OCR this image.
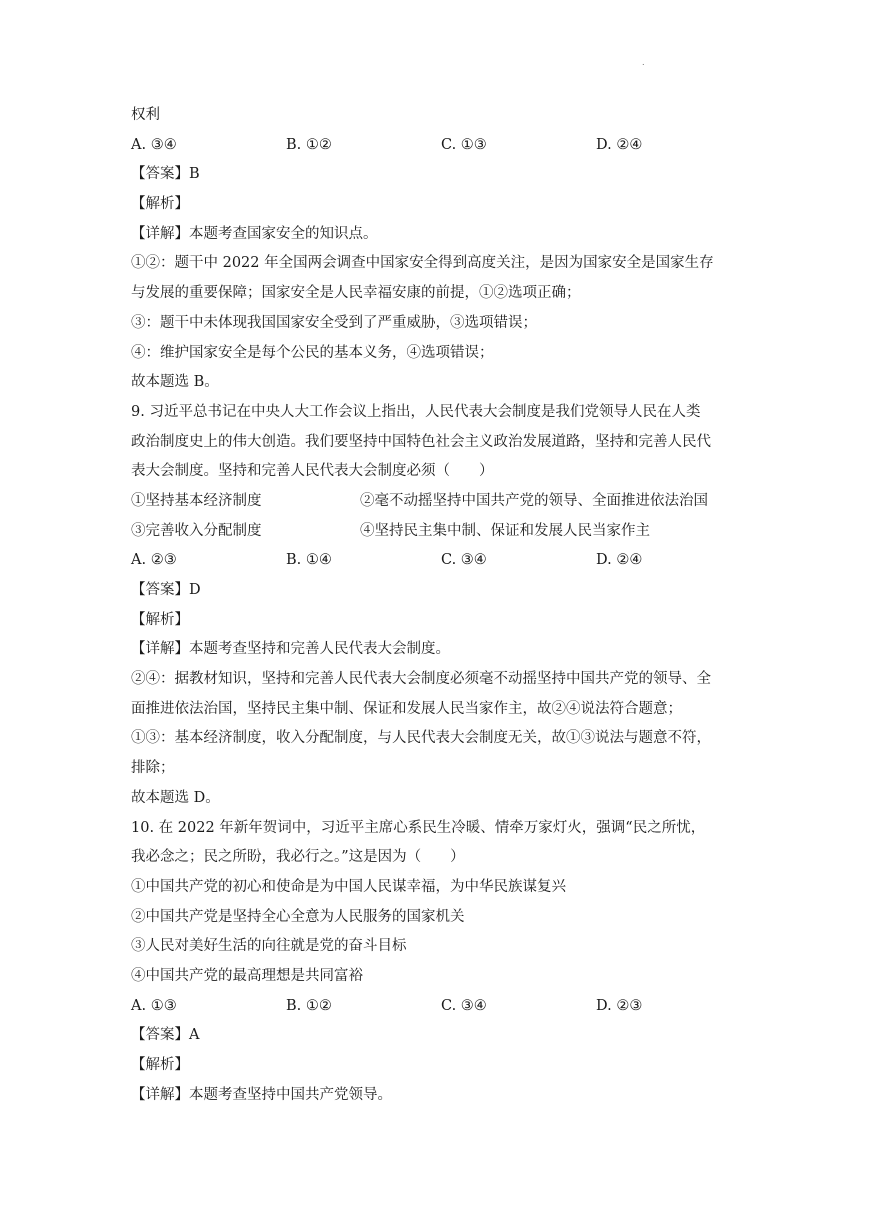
.
权利
A. ③④	B. ①②	C. ①③	D. ②④
【答案】B
【解析】
【详解】本题考查国家安全的知识点。
①②：题干中 2022 年全国两会调查中国家安全得到高度关注，是因为国家安全是国家生存
与发展的重要保障；国家安全是人民幸福安康的前提，①②选项正确；
③：题干中未体现我国国家安全受到了严重威胁，③选项错误；
④：维护国家安全是每个公民的基本义务，④选项错误；
故本题选 B。
9. 习近平总书记在中央人大工作会议上指出，人民代表大会制度是我们党领导人民在人类
政治制度史上的伟大创造。我们要坚持中国特色社会主义政治发展道路，坚持和完善人民代
表大会制度。坚持和完善人民代表大会制度必须（　　）
①坚持基本经济制度	②毫不动摇坚持中国共产党的领导、全面推进依法治国
③完善收入分配制度	④坚持民主集中制、保证和发展人民当家作主
A. ②③	B. ①④	C. ③④	D. ②④
【答案】D
【解析】
【详解】本题考查坚持和完善人民代表大会制度。
②④：据教材知识，坚持和完善人民代表大会制度必须毫不动摇坚持中国共产党的领导、全
面推进依法治国，坚持民主集中制、保证和发展人民当家作主，故②④说法符合题意；
①③：基本经济制度，收入分配制度，与人民代表大会制度无关，故①③说法与题意不符，
排除；
故本题选 D。
10. 在 2022 年新年贺词中，习近平主席心系民生冷暖、情牵万家灯火，强调“民之所忧，
我必念之；民之所盼，我必行之。”这是因为（　　）
①中国共产党的初心和使命是为中国人民谋幸福，为中华民族谋复兴
②中国共产党是坚持全心全意为人民服务的国家机关
③人民对美好生活的向往就是党的奋斗目标
④中国共产党的最高理想是共同富裕
A. ①③	B. ①②	C. ③④	D. ②③
【答案】A
【解析】
【详解】本题考查坚持中国共产党领导。
